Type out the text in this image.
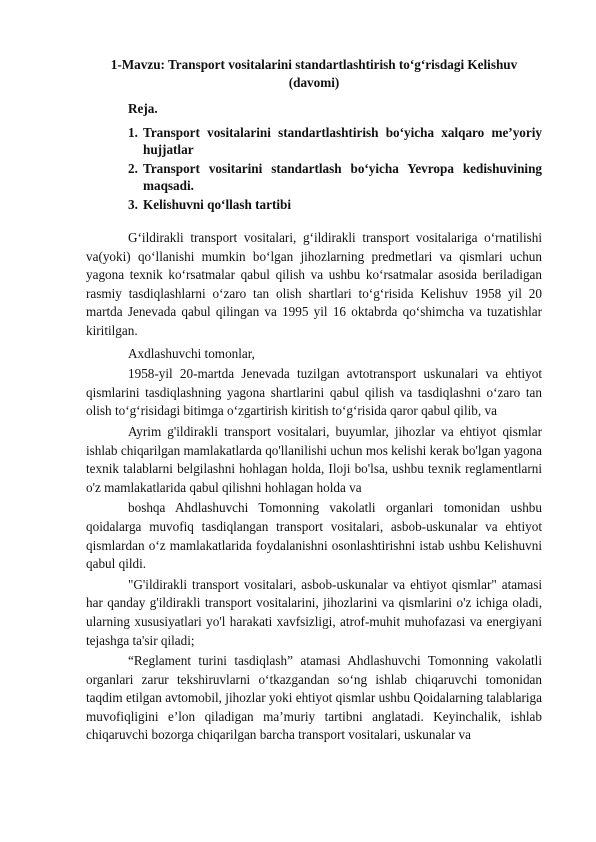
1-Mavzu: Transport vositalarini standartlashtirish to‘g‘risdagi Kelishuv
(davomi)
Reja.
1. Transport vositalarini standartlashtirish bo‘yicha xalqaro me’yoriy hujjatlar
2. Transport vositarini standartlash bo‘yicha Yevropa kedishuvining maqsadi.
3. Kelishuvni qo‘llash tartibi

G‘ildirakli transport vositalari, g‘ildirakli transport vositalariga o‘rnatilishi va(yoki) qo‘llanishi mumkin bo‘lgan jihozlarning predmetlari va qismlari uchun yagona texnik ko‘rsatmalar qabul qilish va ushbu ko‘rsatmalar asosida beriladigan rasmiy tasdiqlashlarni o‘zaro tan olish shartlari to‘g‘risida Kelishuv 1958 yil 20 martda Jenevada qabul qilingan va 1995 yil 16 oktabrda qo‘shimcha va tuzatishlar kiritilgan.

Axdlashuvchi tomonlar,

1958-yil 20-martda Jenevada tuzilgan avtotransport uskunalari va ehtiyot qismlarini tasdiqlashning yagona shartlarini qabul qilish va tasdiqlashni o‘zaro tan olish to‘g‘risidagi bitimga o‘zgartirish kiritish to‘g‘risida qaror qabul qilib, va

Ayrim g'ildirakli transport vositalari, buyumlar, jihozlar va ehtiyot qismlar ishlab chiqarilgan mamlakatlarda qo'llanilishi uchun mos kelishi kerak bo'lgan yagona texnik talablarni belgilashni hohlagan holda, Iloji bo'lsa, ushbu texnik reglamentlarni o'z mamlakatlarida qabul qilishni hohlagan holda va

boshqa Ahdlashuvchi Tomonning vakolatli organlari tomonidan ushbu qoidalarga muvofiq tasdiqlangan transport vositalari, asbob-uskunalar va ehtiyot qismlardan o‘z mamlakatlarida foydalanishni osonlashtirishni istab ushbu Kelishuvni qabul qildi.

"G'ildirakli transport vositalari, asbob-uskunalar va ehtiyot qismlar" atamasi har qanday g'ildirakli transport vositalarini, jihozlarini va qismlarini o'z ichiga oladi, ularning xususiyatlari yo'l harakati xavfsizligi, atrof-muhit muhofazasi va energiyani tejashga ta'sir qiladi;

“Reglament turini tasdiqlash” atamasi Ahdlashuvchi Tomonning vakolatli organlari zarur tekshiruvlarni o‘tkazgandan so‘ng ishlab chiqaruvchi tomonidan taqdim etilgan avtomobil, jihozlar yoki ehtiyot qismlar ushbu Qoidalarning talablariga muvofiqligini e’lon qiladigan ma’muriy tartibni anglatadi. Keyinchalik, ishlab chiqaruvchi bozorga chiqarilgan barcha transport vositalari, uskunalar va
